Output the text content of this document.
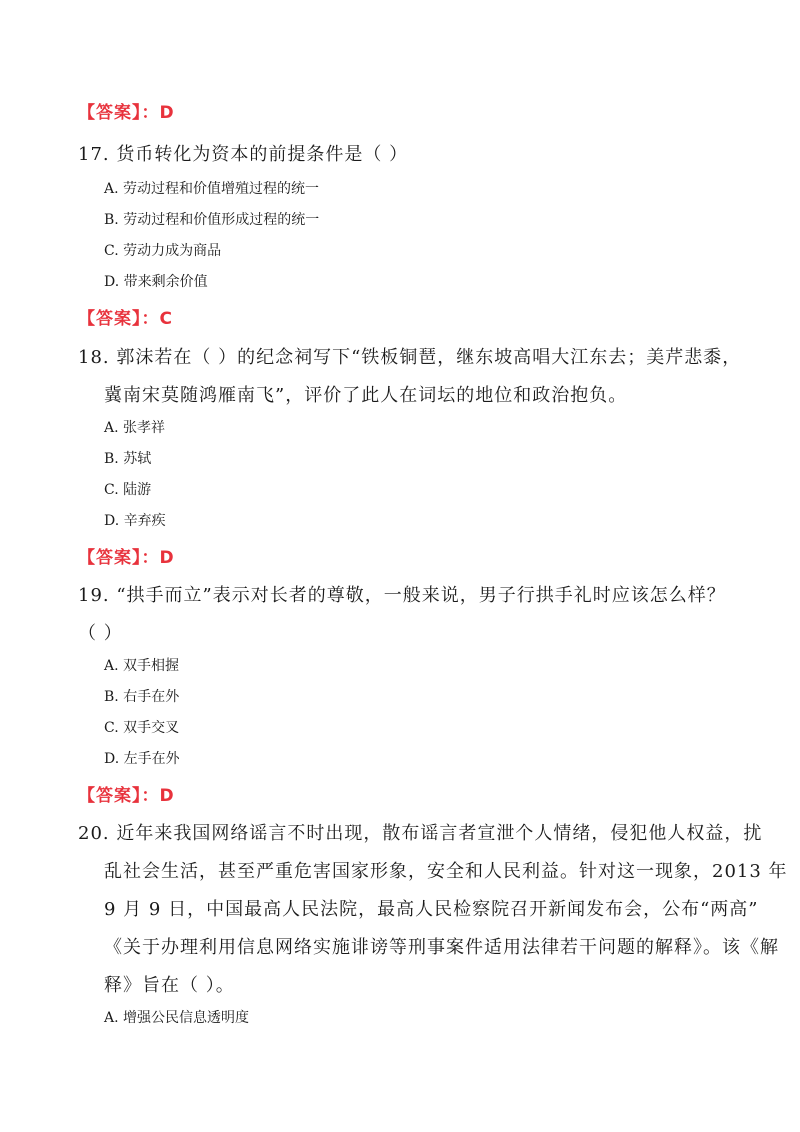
【答案】：D
17. 货币转化为资本的前提条件是（ ）
A. 劳动过程和价值增殖过程的统一
B. 劳动过程和价值形成过程的统一
C. 劳动力成为商品
D. 带来剩余价值
【答案】：C
18. 郭沫若在（ ）的纪念祠写下“铁板铜琶，继东坡高唱大江东去；美芹悲黍，
冀南宋莫随鸿雁南飞”，评价了此人在词坛的地位和政治抱负。
A. 张孝祥
B. 苏轼
C. 陆游
D. 辛弃疾
【答案】：D
19. “拱手而立”表示对长者的尊敬，一般来说，男子行拱手礼时应该怎么样？
（ ）
A. 双手相握
B. 右手在外
C. 双手交叉
D. 左手在外
【答案】：D
20. 近年来我国网络谣言不时出现，散布谣言者宣泄个人情绪，侵犯他人权益，扰
乱社会生活，甚至严重危害国家形象，安全和人民利益。针对这一现象，2013 年
9 月 9 日，中国最高人民法院，最高人民检察院召开新闻发布会，公布“两高”
《关于办理利用信息网络实施诽谤等刑事案件适用法律若干问题的解释》。该《解
释》旨在（ ）。
A. 增强公民信息透明度
